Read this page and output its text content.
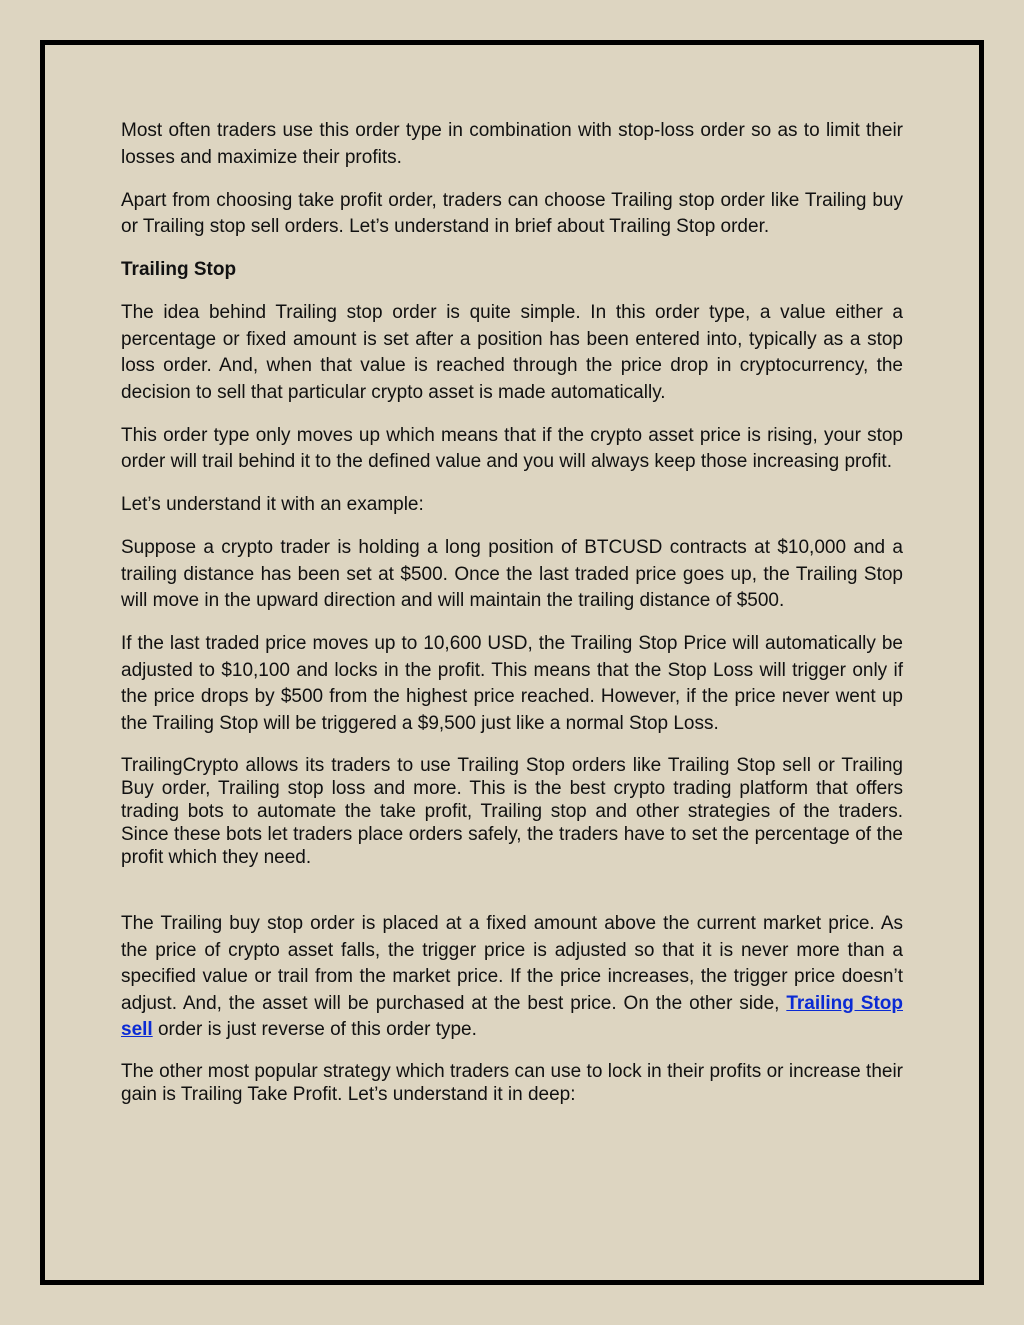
Most often traders use this order type in combination with stop-loss order so as to limit their losses and maximize their profits.

Apart from choosing take profit order, traders can choose Trailing stop order like Trailing buy or Trailing stop sell orders. Let’s understand in brief about Trailing Stop order.

Trailing Stop

The idea behind Trailing stop order is quite simple. In this order type, a value either a percentage or fixed amount is set after a position has been entered into, typically as a stop loss order. And, when that value is reached through the price drop in cryptocurrency, the decision to sell that particular crypto asset is made automatically.

This order type only moves up which means that if the crypto asset price is rising, your stop order will trail behind it to the defined value and you will always keep those increasing profit.

Let’s understand it with an example:

Suppose a crypto trader is holding a long position of BTCUSD contracts at $10,000 and a trailing distance has been set at $500. Once the last traded price goes up, the Trailing Stop will move in the upward direction and will maintain the trailing distance of $500.

If the last traded price moves up to 10,600 USD, the Trailing Stop Price will automatically be adjusted to $10,100 and locks in the profit. This means that the Stop Loss will trigger only if the price drops by $500 from the highest price reached. However, if the price never went up the Trailing Stop will be triggered a $9,500 just like a normal Stop Loss.

TrailingCrypto allows its traders to use Trailing Stop orders like Trailing Stop sell or Trailing Buy order, Trailing stop loss and more. This is the best crypto trading platform that offers trading bots to automate the take profit, Trailing stop and other strategies of the traders. Since these bots let traders place orders safely, the traders have to set the percentage of the profit which they need.

The Trailing buy stop order is placed at a fixed amount above the current market price. As the price of crypto asset falls, the trigger price is adjusted so that it is never more than a specified value or trail from the market price. If the price increases, the trigger price doesn’t adjust. And, the asset will be purchased at the best price. On the other side, Trailing Stop sell order is just reverse of this order type.

The other most popular strategy which traders can use to lock in their profits or increase their gain is Trailing Take Profit. Let’s understand it in deep:
